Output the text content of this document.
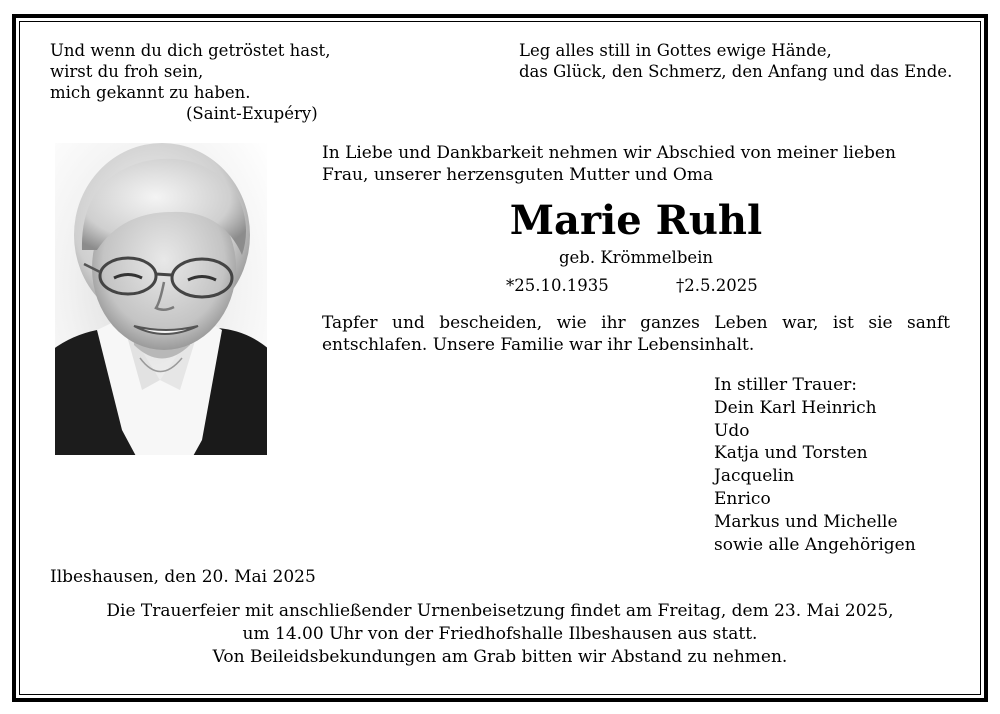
Und wenn du dich getröstet hast,
wirst du froh sein,
mich gekannt zu haben.
(Saint-Exupéry)
Leg alles still in Gottes ewige Hände,
das Glück, den Schmerz, den Anfang und das Ende.
In Liebe und Dankbarkeit nehmen wir Abschied von meiner lieben
Frau, unserer herzensguten Mutter und Oma
Marie Ruhl
geb. Krömmelbein
*25.10.1935	†2.5.2025
Tapfer und bescheiden, wie ihr ganzes Leben war, ist sie sanft
entschlafen. Unsere Familie war ihr Lebensinhalt.
In stiller Trauer:
Dein Karl Heinrich
Udo
Katja und Torsten
Jacquelin
Enrico
Markus und Michelle
sowie alle Angehörigen
Ilbeshausen, den 20. Mai 2025
Die Trauerfeier mit anschließender Urnenbeisetzung findet am Freitag, dem 23. Mai 2025,
um 14.00 Uhr von der Friedhofshalle Ilbeshausen aus statt.
Von Beileidsbekundungen am Grab bitten wir Abstand zu nehmen.
